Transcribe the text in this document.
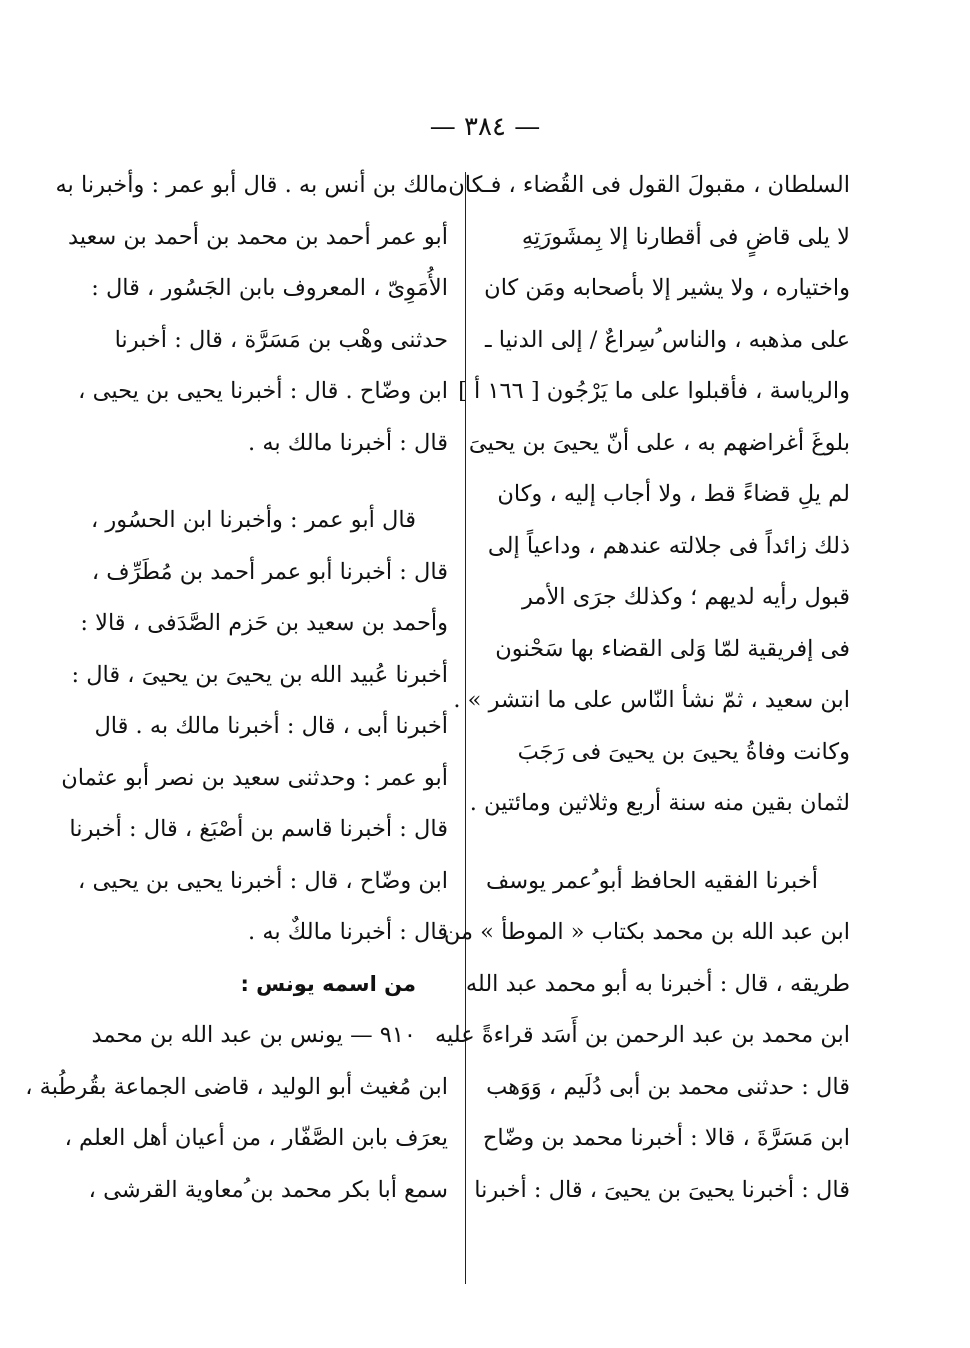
— ٣٨٤ —
السلطان ، مقبولَ القول فى القُضاء ، فـكان
لا يلى قاضٍ فى أقطارنا إلا بِمشَورَتِهِ
واختياره ، ولا يشير إلا بأصحابه ومَن كان
على مذهبه ، والناس ُسِراعٌ / إلى الدنيا ـ
والرياسة ، فأقبلوا على ما يَرْجُون [ ١٦٦ أ ]
بلوغَ أغراضهم به ، على أنّ يحيىَ بن يحيىَ
لم يلِ قضاءً قط ، ولا أجاب إليه ، وكان
ذلك زائداً فى جلالته عندهم ، وداعياً إلى
قبول رأيه لديهم ؛ وكذلك جرَى الأمر
فى إفريقية لمّا وَلى القضاء بها سَحْنون
ابن سعيد ، ثمّ نشأ النّاس على ما انتشر » .
وكانت وفاةُ يحيىَ بن يحيىَ فى رَجَبَ
لثمان بقين منه سنة أربع وثلاثين ومائتين .
أخبرنا الفقيه الحافظ أبو ُعمر يوسف
ابن عبد الله بن محمد بكتاب « الموطأ » من
طريقه ، قال : أخبرنا به أبو محمد عبد الله
ابن محمد بن عبد الرحمن بن أَسَد قراءةً عليه
قال : حدثنى محمد بن أبى دُلَيم ، وَوَهب
ابن مَسَرَّةَ ، قالا : أخبرنا محمد بن وضّاح
قال : أخبرنا يحيىَ بن يحيىَ ، قال : أخبرنا
مالك بن أنس به . قال أبو عمر : وأخبرنا به
أبو عمر أحمد بن محمد بن أحمد بن سعيد
الأُمَوِىّ ، المعروف بابن الجَسُور ، قال :
حدثنى وهْب بن مَسَرَّة ، قال : أخبرنا
ابن وضّاح . قال : أخبرنا يحيى بن يحيى ،
قال : أخبرنا مالك به .
قال أبو عمر : وأخبرنا ابن الحسُور ،
قال : أخبرنا أبو عمر أحمد بن مُطَرِّف ،
وأحمد بن سعيد بن حَزم الصَّدَفى ، قالا :
أخبرنا عُبيد الله بن يحيىَ بن يحيىَ ، قال :
أخبرنا أبى ، قال : أخبرنا مالك به . قال
أبو عمر : وحدثنى سعيد بن نصر أبو عثمان
قال : أخبرنا قاسم بن أصْبَغ ، قال : أخبرنا
ابن وضّاح ، قال : أخبرنا يحيى بن يحيى ،
قال : أخبرنا مالكٌ به .
من اسمه يونس :
٩١٠ — يونس بن عبد الله بن محمد
ابن مُغيث أبو الوليد ، قاضى الجماعة بقُرطُبة ،
يعرَف بابن الصَّفّار ، من أعيان أهل العلم ،
سمع أبا بكر محمد بن ُمعاوية القرشى ،
